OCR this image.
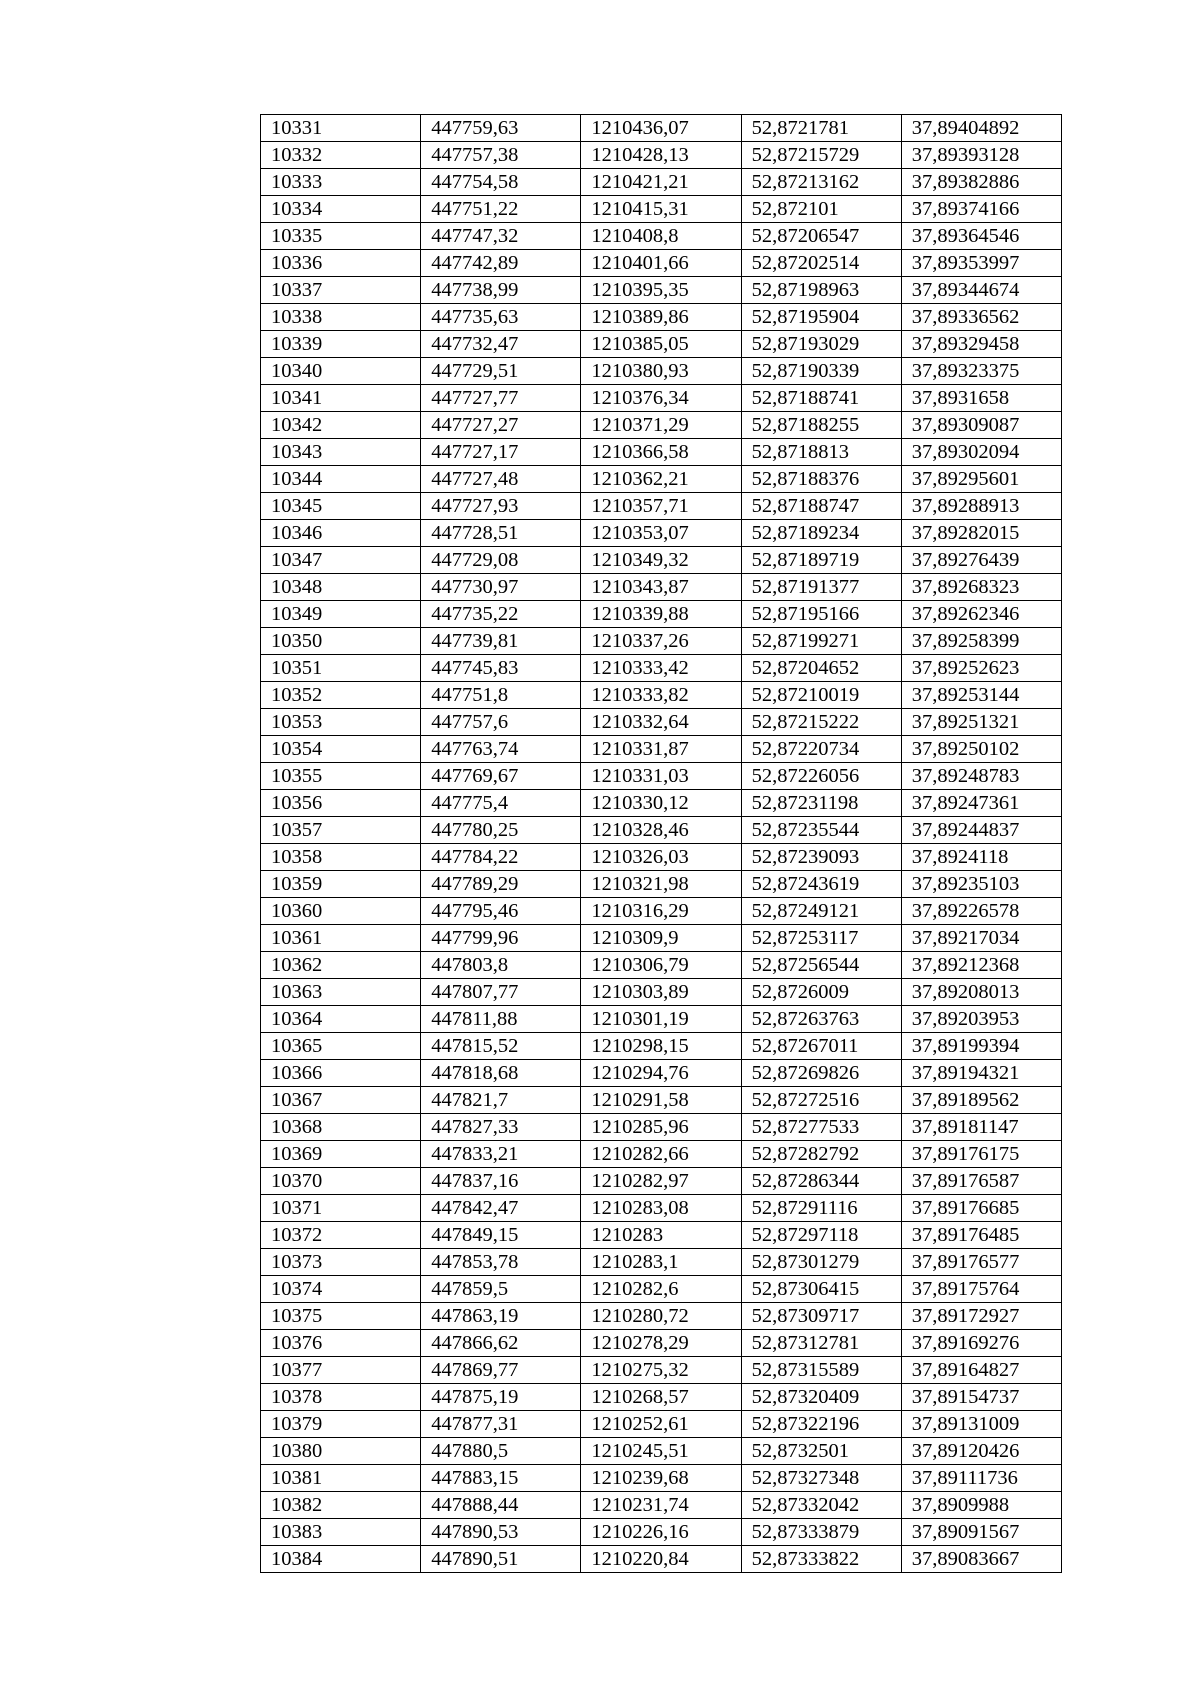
10331	447759,63	1210436,07	52,8721781	37,89404892
10332	447757,38	1210428,13	52,87215729	37,89393128
10333	447754,58	1210421,21	52,87213162	37,89382886
10334	447751,22	1210415,31	52,872101	37,89374166
10335	447747,32	1210408,8	52,87206547	37,89364546
10336	447742,89	1210401,66	52,87202514	37,89353997
10337	447738,99	1210395,35	52,87198963	37,89344674
10338	447735,63	1210389,86	52,87195904	37,89336562
10339	447732,47	1210385,05	52,87193029	37,89329458
10340	447729,51	1210380,93	52,87190339	37,89323375
10341	447727,77	1210376,34	52,87188741	37,8931658
10342	447727,27	1210371,29	52,87188255	37,89309087
10343	447727,17	1210366,58	52,8718813	37,89302094
10344	447727,48	1210362,21	52,87188376	37,89295601
10345	447727,93	1210357,71	52,87188747	37,89288913
10346	447728,51	1210353,07	52,87189234	37,89282015
10347	447729,08	1210349,32	52,87189719	37,89276439
10348	447730,97	1210343,87	52,87191377	37,89268323
10349	447735,22	1210339,88	52,87195166	37,89262346
10350	447739,81	1210337,26	52,87199271	37,89258399
10351	447745,83	1210333,42	52,87204652	37,89252623
10352	447751,8	1210333,82	52,87210019	37,89253144
10353	447757,6	1210332,64	52,87215222	37,89251321
10354	447763,74	1210331,87	52,87220734	37,89250102
10355	447769,67	1210331,03	52,87226056	37,89248783
10356	447775,4	1210330,12	52,87231198	37,89247361
10357	447780,25	1210328,46	52,87235544	37,89244837
10358	447784,22	1210326,03	52,87239093	37,8924118
10359	447789,29	1210321,98	52,87243619	37,89235103
10360	447795,46	1210316,29	52,87249121	37,89226578
10361	447799,96	1210309,9	52,87253117	37,89217034
10362	447803,8	1210306,79	52,87256544	37,89212368
10363	447807,77	1210303,89	52,8726009	37,89208013
10364	447811,88	1210301,19	52,87263763	37,89203953
10365	447815,52	1210298,15	52,87267011	37,89199394
10366	447818,68	1210294,76	52,87269826	37,89194321
10367	447821,7	1210291,58	52,87272516	37,89189562
10368	447827,33	1210285,96	52,87277533	37,89181147
10369	447833,21	1210282,66	52,87282792	37,89176175
10370	447837,16	1210282,97	52,87286344	37,89176587
10371	447842,47	1210283,08	52,87291116	37,89176685
10372	447849,15	1210283	52,87297118	37,89176485
10373	447853,78	1210283,1	52,87301279	37,89176577
10374	447859,5	1210282,6	52,87306415	37,89175764
10375	447863,19	1210280,72	52,87309717	37,89172927
10376	447866,62	1210278,29	52,87312781	37,89169276
10377	447869,77	1210275,32	52,87315589	37,89164827
10378	447875,19	1210268,57	52,87320409	37,89154737
10379	447877,31	1210252,61	52,87322196	37,89131009
10380	447880,5	1210245,51	52,8732501	37,89120426
10381	447883,15	1210239,68	52,87327348	37,89111736
10382	447888,44	1210231,74	52,87332042	37,8909988
10383	447890,53	1210226,16	52,87333879	37,89091567
10384	447890,51	1210220,84	52,87333822	37,89083667
